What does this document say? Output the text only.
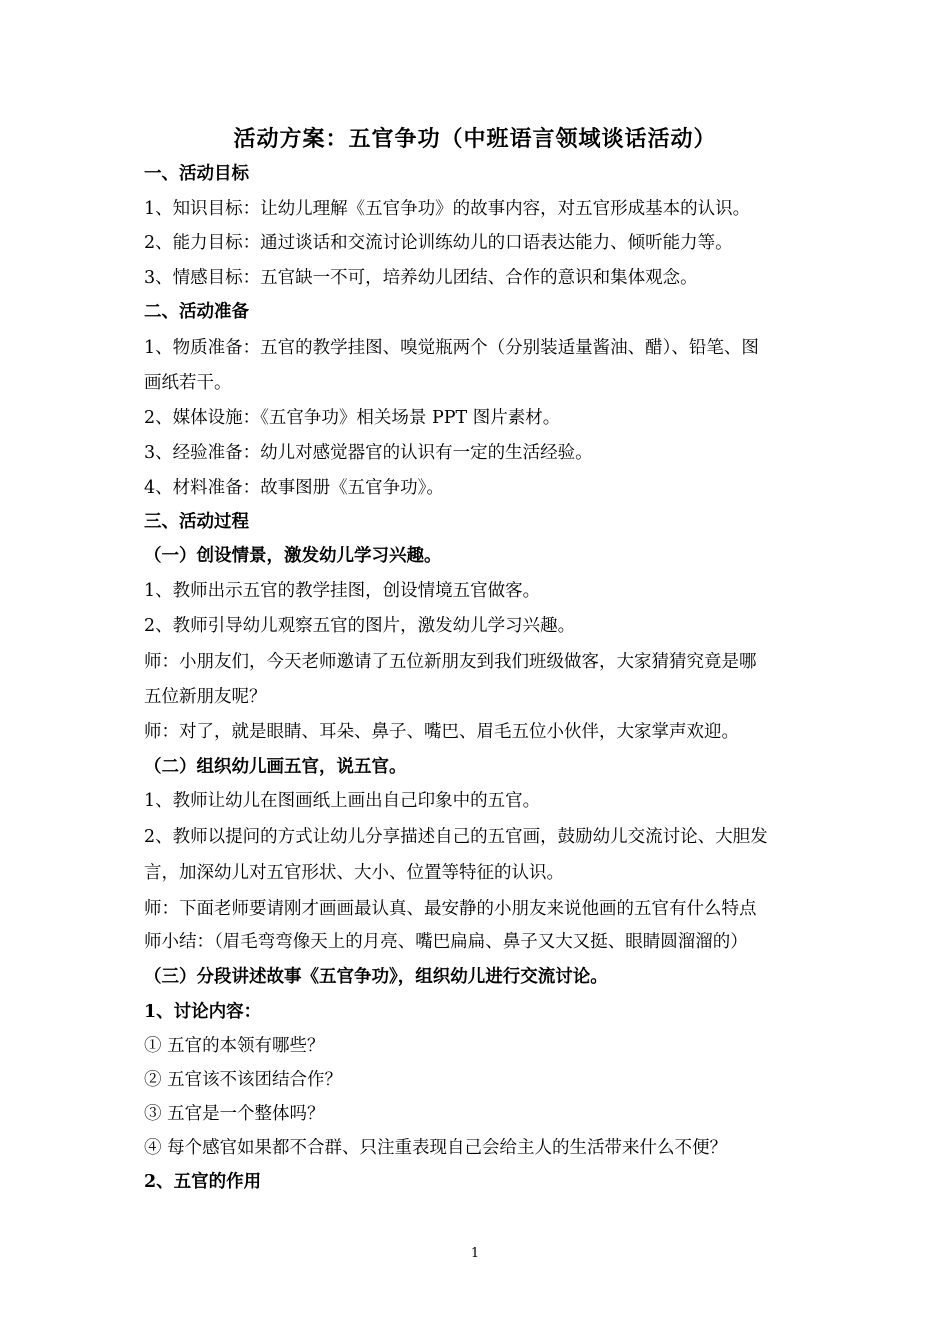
活动方案：五官争功（中班语言领域谈话活动）
一、活动目标
1、知识目标：让幼儿理解《五官争功》的故事内容，对五官形成基本的认识。
2、能力目标：通过谈话和交流讨论训练幼儿的口语表达能力、倾听能力等。
3、情感目标：五官缺一不可，培养幼儿团结、合作的意识和集体观念。
二、活动准备
1、物质准备：五官的教学挂图、嗅觉瓶两个（分别装适量酱油、醋）、铅笔、图
画纸若干。
2、媒体设施：《五官争功》相关场景 PPT 图片素材。
3、经验准备：幼儿对感觉器官的认识有一定的生活经验。
4、材料准备：故事图册《五官争功》。
三、活动过程
（一）创设情景，激发幼儿学习兴趣。
1、教师出示五官的教学挂图，创设情境五官做客。
2、教师引导幼儿观察五官的图片，激发幼儿学习兴趣。
师：小朋友们，今天老师邀请了五位新朋友到我们班级做客，大家猜猜究竟是哪
五位新朋友呢？
师：对了，就是眼睛、耳朵、鼻子、嘴巴、眉毛五位小伙伴，大家掌声欢迎。
（二）组织幼儿画五官，说五官。
1、教师让幼儿在图画纸上画出自己印象中的五官。
2、教师以提问的方式让幼儿分享描述自己的五官画，鼓励幼儿交流讨论、大胆发
言，加深幼儿对五官形状、大小、位置等特征的认识。
师：下面老师要请刚才画画最认真、最安静的小朋友来说他画的五官有什么特点
师小结：（眉毛弯弯像天上的月亮、嘴巴扁扁、鼻子又大又挺、眼睛圆溜溜的）
（三）分段讲述故事《五官争功》，组织幼儿进行交流讨论。
1、讨论内容：
① 五官的本领有哪些？
② 五官该不该团结合作？
③ 五官是一个整体吗？
④ 每个感官如果都不合群、只注重表现自己会给主人的生活带来什么不便？
2、五官的作用
1
